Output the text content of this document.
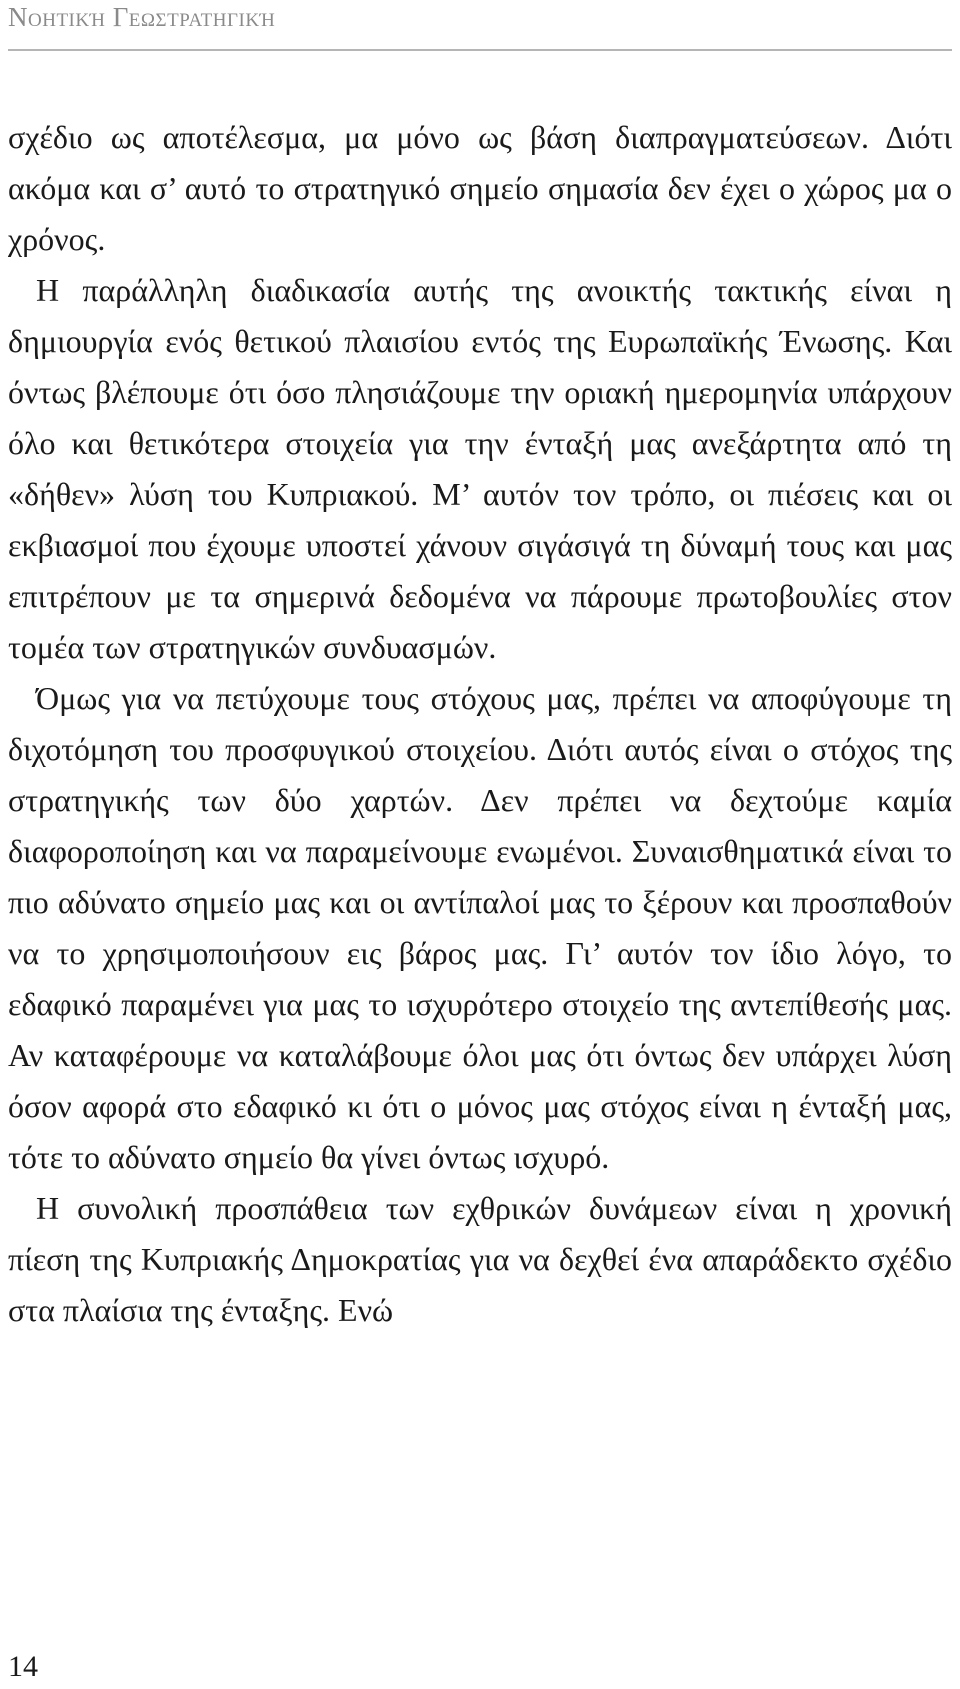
Νοητική Γεωστρατηγική

σχέδιο ως αποτέλεσμα, μα μόνο ως βάση διαπραγματεύσεων. Διότι ακόμα και σ’ αυτό το στρατηγικό σημείο σημασία δεν έχει ο χώρος μα ο χρόνος.

Η παράλληλη διαδικασία αυτής της ανοικτής τακτικής είναι η δημιουργία ενός θετικού πλαισίου εντός της Ευρωπαϊκής Ένωσης. Και όντως βλέπουμε ότι όσο πλησιάζουμε την οριακή ημερομηνία υπάρχουν όλο και θετικότερα στοιχεία για την ένταξή μας ανεξάρτητα από τη «δήθεν» λύση του Κυπριακού. Μ’ αυτόν τον τρόπο, οι πιέσεις και οι εκβιασμοί που έχουμε υποστεί χάνουν σιγάσιγά τη δύναμή τους και μας επιτρέπουν με τα σημερινά δεδομένα να πάρουμε πρωτοβουλίες στον τομέα των στρατηγικών συνδυασμών.

Όμως για να πετύχουμε τους στόχους μας, πρέπει να αποφύγουμε τη διχοτόμηση του προσφυγικού στοιχείου. Διότι αυτός είναι ο στόχος της στρατηγικής των δύο χαρτών. Δεν πρέπει να δεχτούμε καμία διαφοροποίηση και να παραμείνουμε ενωμένοι. Συναισθηματικά είναι το πιο αδύνατο σημείο μας και οι αντίπαλοί μας το ξέρουν και προσπαθούν να το χρησιμοποιήσουν εις βάρος μας. Γι’ αυτόν τον ίδιο λόγο, το εδαφικό παραμένει για μας το ισχυρότερο στοιχείο της αντεπίθεσής μας. Αν καταφέρουμε να καταλάβουμε όλοι μας ότι όντως δεν υπάρχει λύση όσον αφορά στο εδαφικό κι ότι ο μόνος μας στόχος είναι η ένταξή μας, τότε το αδύνατο σημείο θα γίνει όντως ισχυρό.

Η συνολική προσπάθεια των εχθρικών δυνάμεων είναι η χρονική πίεση της Κυπριακής Δημοκρατίας για να δεχθεί ένα απαράδεκτο σχέδιο στα πλαίσια της ένταξης. Ενώ

14
